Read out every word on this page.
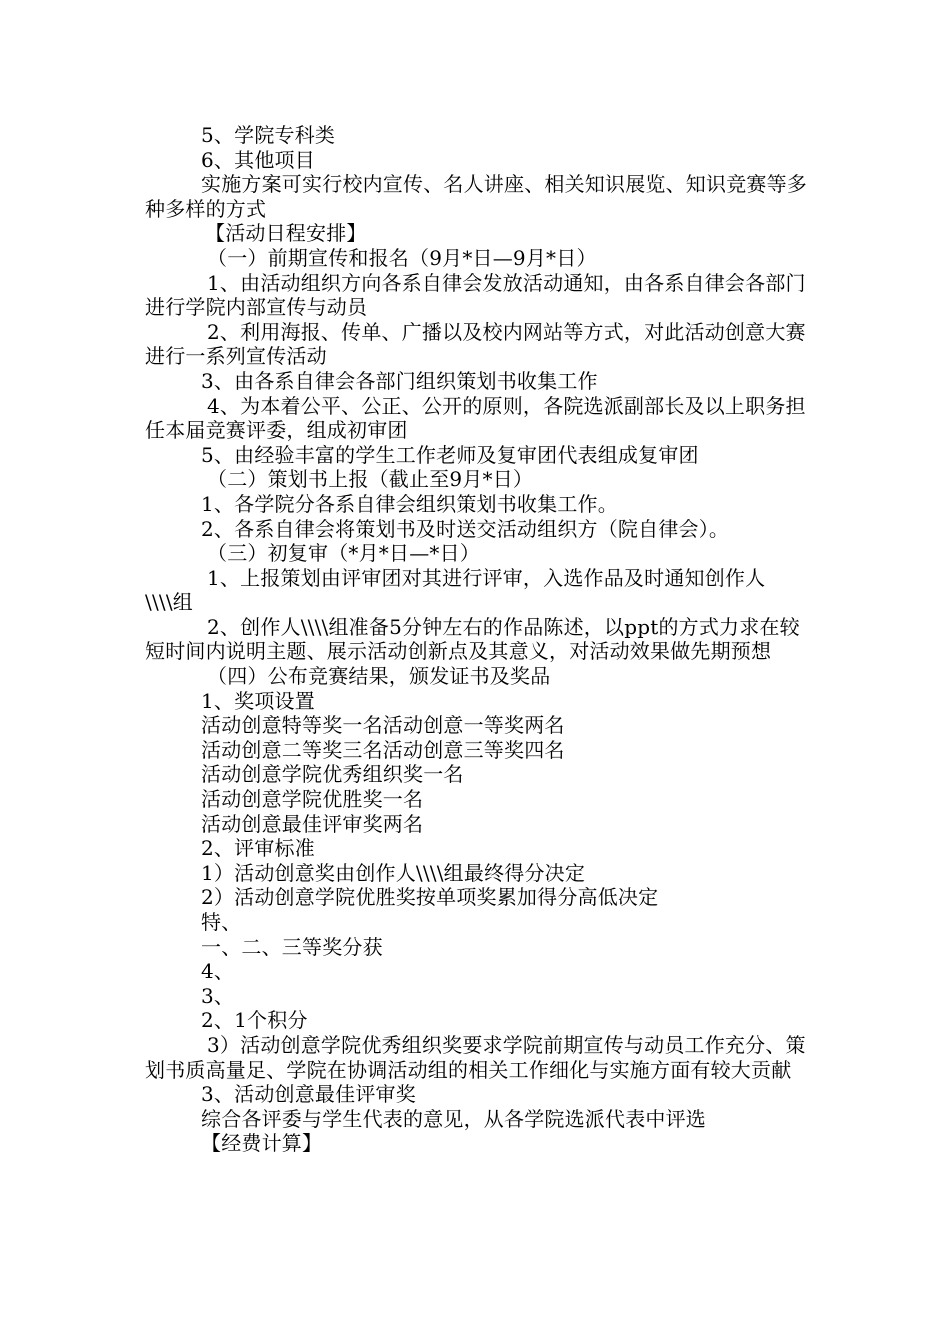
5、学院专科类

6、其他项目

实施方案可实行校内宣传、名人讲座、相关知识展览、知识竞赛等多种多样的方式

【活动日程安排】

（一）前期宣传和报名（9月*日—9月*日）

1、由活动组织方向各系自律会发放活动通知，由各系自律会各部门进行学院内部宣传与动员

2、利用海报、传单、广播以及校内网站等方式，对此活动创意大赛进行一系列宣传活动

3、由各系自律会各部门组织策划书收集工作

4、为本着公平、公正、公开的原则，各院选派副部长及以上职务担任本届竞赛评委，组成初审团

5、由经验丰富的学生工作老师及复审团代表组成复审团

（二）策划书上报（截止至9月*日）

1、各学院分各系自律会组织策划书收集工作。

2、各系自律会将策划书及时送交活动组织方（院自律会）。

（三）初复审（*月*日—*日）

1、上报策划由评审团对其进行评审，入选作品及时通知创作人\\\\组

2、创作人\\\\组准备5分钟左右的作品陈述，以ppt的方式力求在较短时间内说明主题、展示活动创新点及其意义，对活动效果做先期预想

（四）公布竞赛结果，颁发证书及奖品

1、奖项设置

活动创意特等奖一名活动创意一等奖两名

活动创意二等奖三名活动创意三等奖四名

活动创意学院优秀组织奖一名

活动创意学院优胜奖一名

活动创意最佳评审奖两名

2、评审标准

1）活动创意奖由创作人\\\\组最终得分决定

2）活动创意学院优胜奖按单项奖累加得分高低决定

特、

一、二、三等奖分获

4、

3、

2、1个积分

3）活动创意学院优秀组织奖要求学院前期宣传与动员工作充分、策划书质高量足、学院在协调活动组的相关工作细化与实施方面有较大贡献

3、活动创意最佳评审奖

综合各评委与学生代表的意见，从各学院选派代表中评选

【经费计算】
